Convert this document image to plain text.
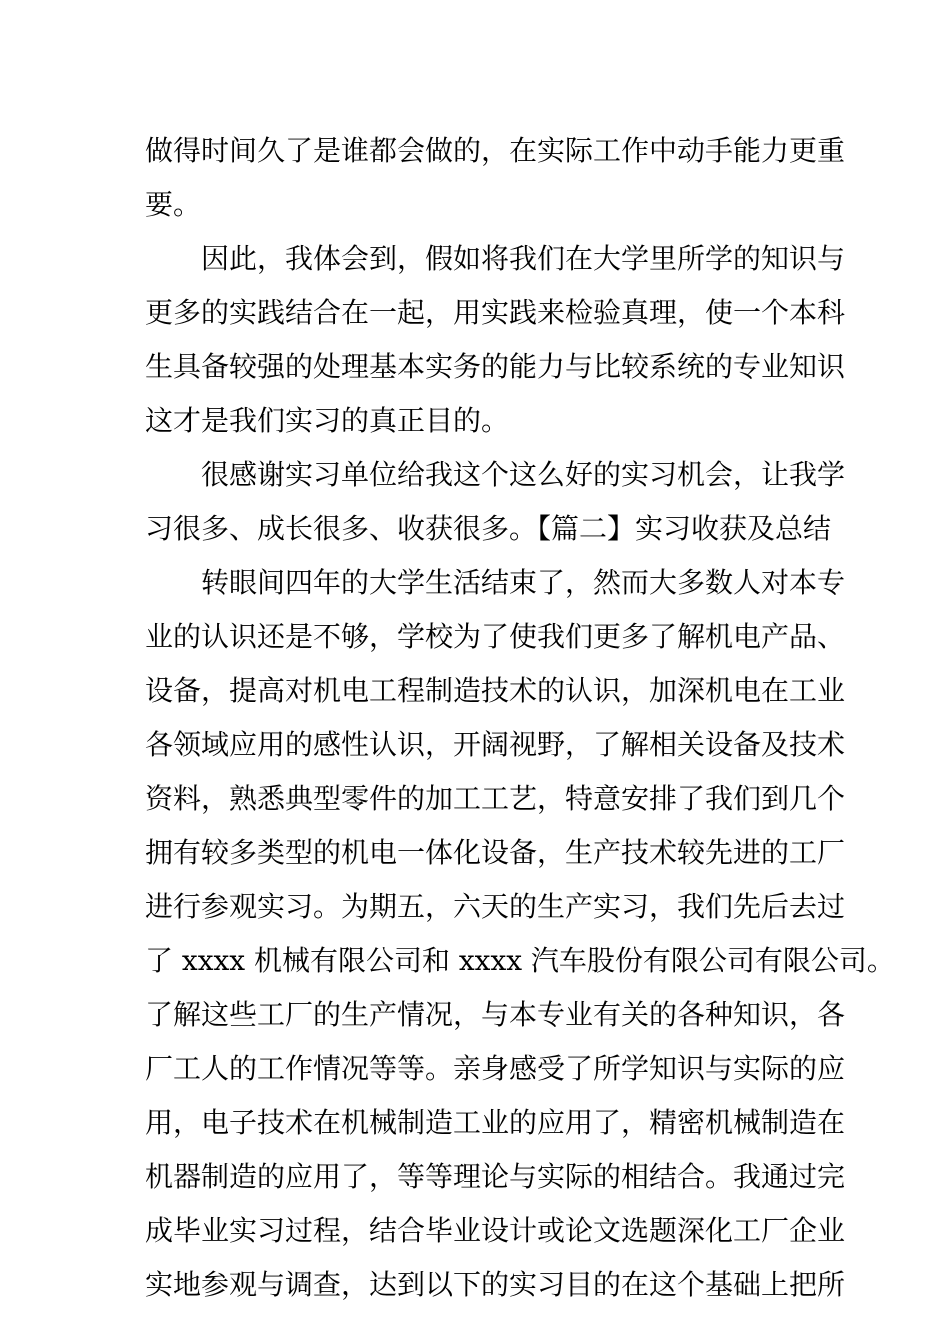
做得时间久了是谁都会做的，在实际工作中动手能力更重
要。
因此，我体会到，假如将我们在大学里所学的知识与
更多的实践结合在一起，用实践来检验真理，使一个本科
生具备较强的处理基本实务的能力与比较系统的专业知识
这才是我们实习的真正目的。
很感谢实习单位给我这个这么好的实习机会，让我学
习很多、成长很多、收获很多。【篇二】实习收获及总结
转眼间四年的大学生活结束了，然而大多数人对本专
业的认识还是不够，学校为了使我们更多了解机电产品、
设备，提高对机电工程制造技术的认识，加深机电在工业
各领域应用的感性认识，开阔视野，了解相关设备及技术
资料，熟悉典型零件的加工工艺，特意安排了我们到几个
拥有较多类型的机电一体化设备，生产技术较先进的工厂
进行参观实习。为期五，六天的生产实习，我们先后去过
了 xxxx 机械有限公司和 xxxx 汽车股份有限公司有限公司。
了解这些工厂的生产情况，与本专业有关的各种知识，各
厂工人的工作情况等等。亲身感受了所学知识与实际的应
用，电子技术在机械制造工业的应用了，精密机械制造在
机器制造的应用了，等等理论与实际的相结合。我通过完
成毕业实习过程，结合毕业设计或论文选题深化工厂企业
实地参观与调查，达到以下的实习目的在这个基础上把所
